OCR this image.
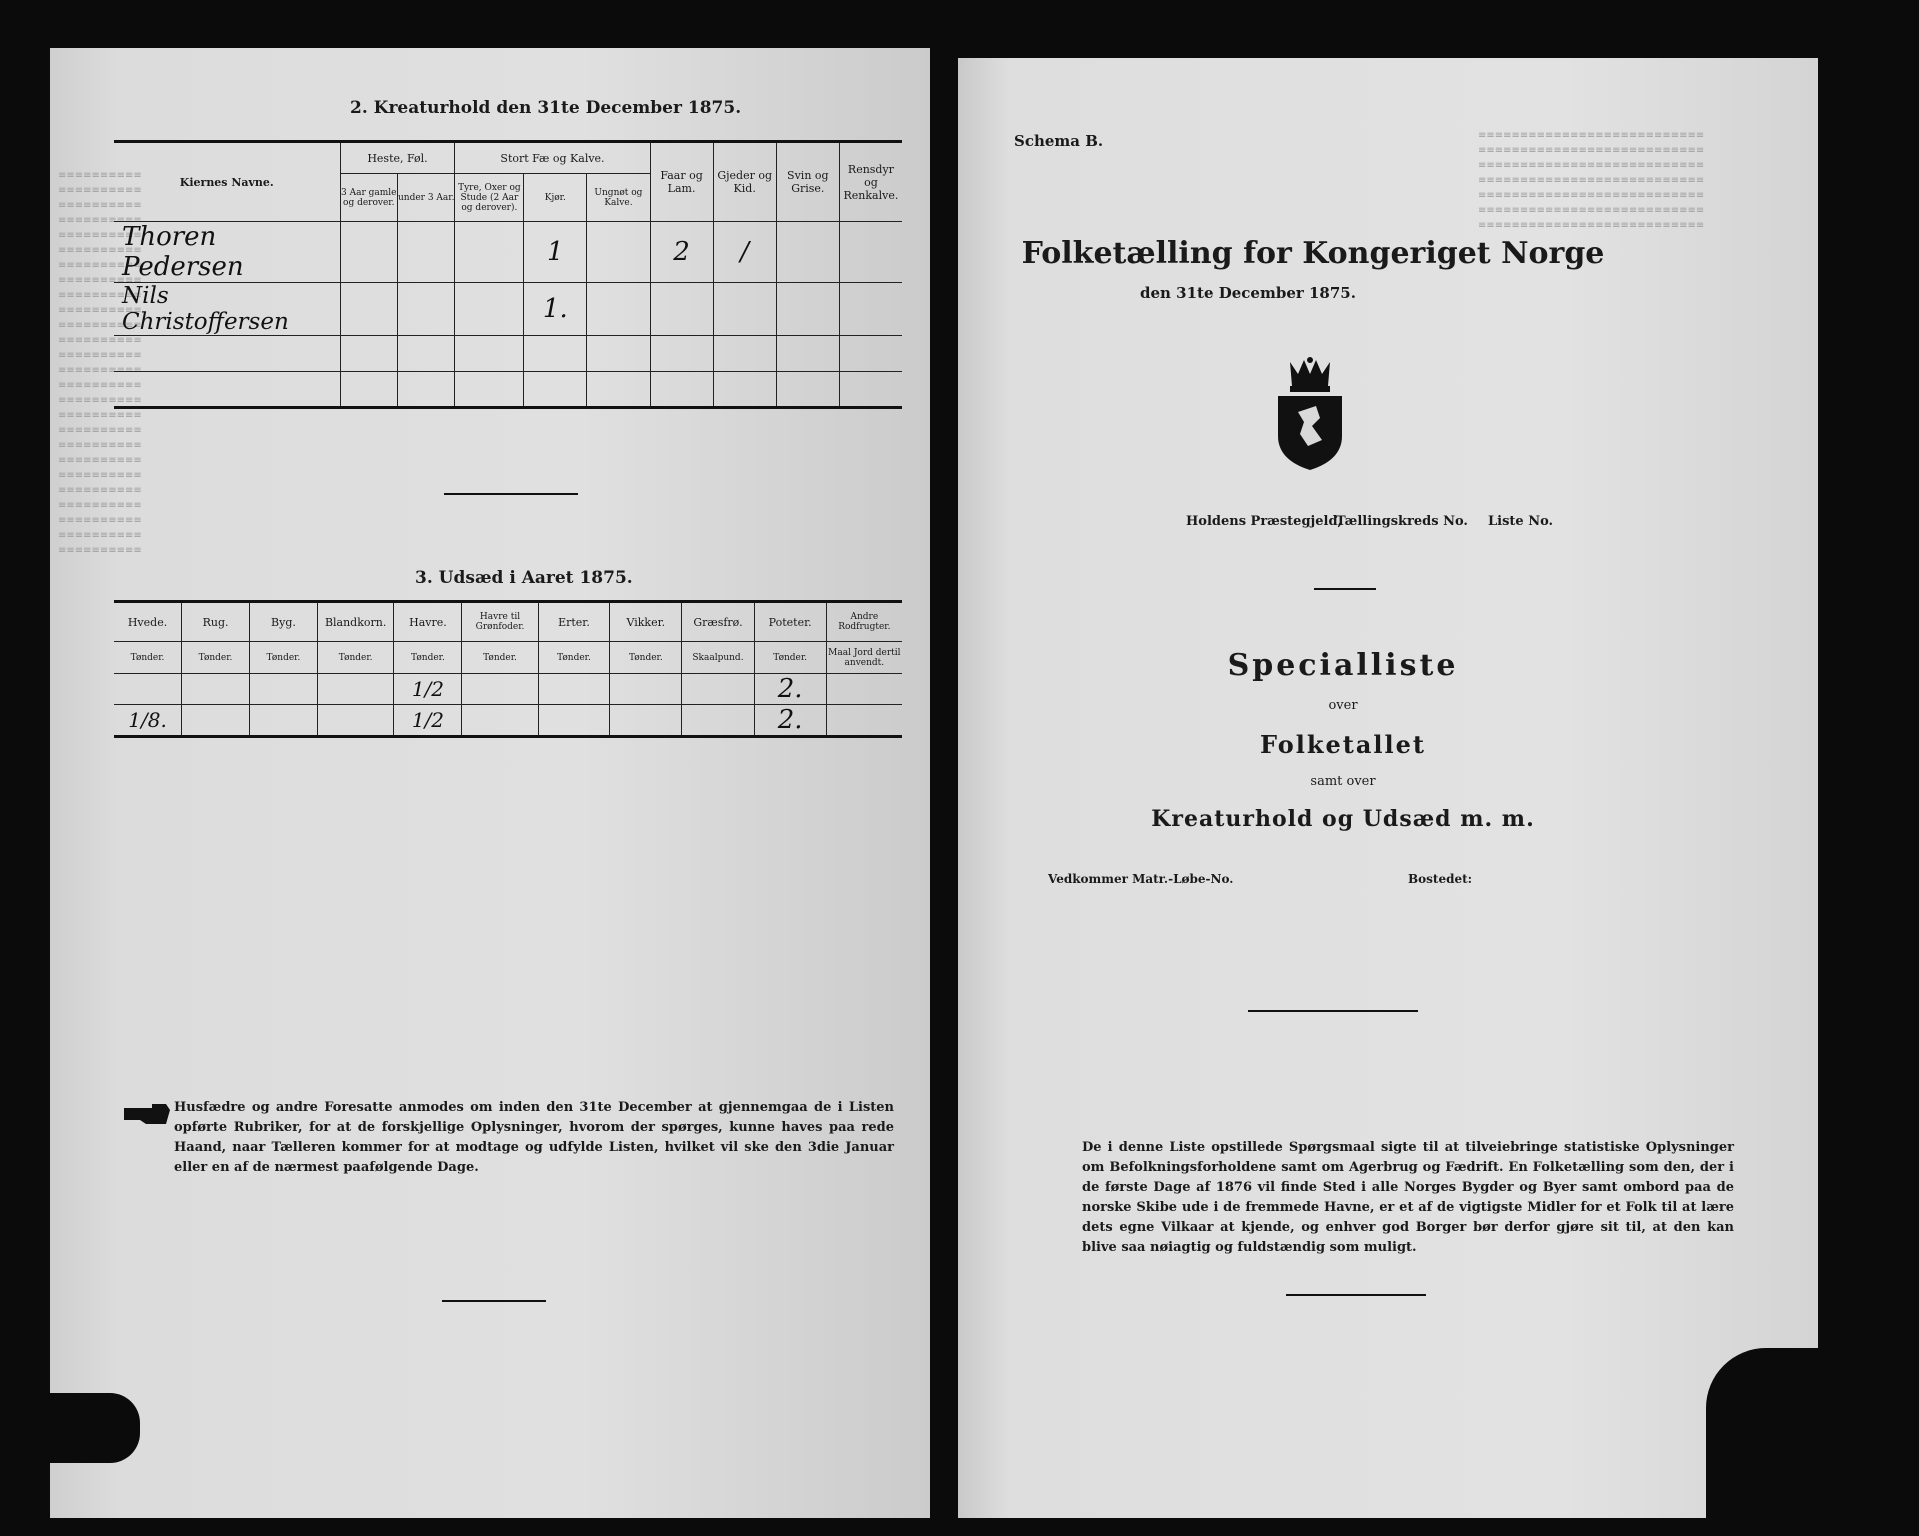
≡≡≡≡≡≡≡≡≡≡
≡≡≡≡≡≡≡≡≡≡
≡≡≡≡≡≡≡≡≡≡
≡≡≡≡≡≡≡≡≡≡
≡≡≡≡≡≡≡≡≡≡
≡≡≡≡≡≡≡≡≡≡
≡≡≡≡≡≡≡≡≡≡
≡≡≡≡≡≡≡≡≡≡
≡≡≡≡≡≡≡≡≡≡
≡≡≡≡≡≡≡≡≡≡
≡≡≡≡≡≡≡≡≡≡
≡≡≡≡≡≡≡≡≡≡
≡≡≡≡≡≡≡≡≡≡
≡≡≡≡≡≡≡≡≡≡
≡≡≡≡≡≡≡≡≡≡
≡≡≡≡≡≡≡≡≡≡
≡≡≡≡≡≡≡≡≡≡
≡≡≡≡≡≡≡≡≡≡
≡≡≡≡≡≡≡≡≡≡
≡≡≡≡≡≡≡≡≡≡
≡≡≡≡≡≡≡≡≡≡
≡≡≡≡≡≡≡≡≡≡
≡≡≡≡≡≡≡≡≡≡
≡≡≡≡≡≡≡≡≡≡
≡≡≡≡≡≡≡≡≡≡
≡≡≡≡≡≡≡≡≡≡
2. Kreaturhold den 31te December 1875.
Kiernes Navne.	Heste, Føl.		Stort Fæ og Kalve.			Faar og Lam.	Gjeder og Kid.	Svin og Grise.	Rensdyr og Renkalve.
	3 Aar gamle og derover.	under 3 Aar.	Tyre, Oxer og Stude (2 Aar og derover).	Kjør.	Ungnøt og Kalve.				
Thoren Pedersen				1		2	/		
Nils Christoffersen				1.					

3. Udsæd i Aaret 1875.
Hvede.	Rug.	Byg.	Blandkorn.	Havre.	Havre til Grønfoder.	Erter.	Vikker.	Græsfrø.	Poteter.	Andre Rodfrugter.
Tønder.	Tønder.	Tønder.	Tønder.	Tønder.	Tønder.	Tønder.	Tønder.	Skaalpund.	Tønder.	Maal Jord dertil anvendt.
				1/2					2.	
1/8.				1/2					2.	
Husfædre og andre Foresatte anmodes om inden den 31te December at gjennemgaa de i Listen opførte Rubriker, for at de forskjellige Oplysninger, hvorom der spørges, kunne haves paa rede Haand, naar Tælleren kommer for at modtage og udfylde Listen, hvilket vil ske den 3die Januar eller en af de nærmest paafølgende Dage.
≡≡≡≡≡≡≡≡≡≡≡≡≡≡≡≡≡≡≡≡≡≡≡≡≡≡≡
≡≡≡≡≡≡≡≡≡≡≡≡≡≡≡≡≡≡≡≡≡≡≡≡≡≡≡
≡≡≡≡≡≡≡≡≡≡≡≡≡≡≡≡≡≡≡≡≡≡≡≡≡≡≡
≡≡≡≡≡≡≡≡≡≡≡≡≡≡≡≡≡≡≡≡≡≡≡≡≡≡≡
≡≡≡≡≡≡≡≡≡≡≡≡≡≡≡≡≡≡≡≡≡≡≡≡≡≡≡
≡≡≡≡≡≡≡≡≡≡≡≡≡≡≡≡≡≡≡≡≡≡≡≡≡≡≡
≡≡≡≡≡≡≡≡≡≡≡≡≡≡≡≡≡≡≡≡≡≡≡≡≡≡≡
Schema B.
Folketælling for Kongeriget Norge
den 31te December 1875.
Holdens Præstegjeld,
Tællingskreds No. Liste No.
Specialliste
over
Folketallet
samt over
Kreaturhold og Udsæd m. m.
Vedkommer Matr.-Løbe-No.	Bostedet:
De i denne Liste opstillede Spørgsmaal sigte til at tilveiebringe statistiske Oplysninger om Befolkningsforholdene samt om Agerbrug og Fædrift. En Folketælling som den, der i de første Dage af 1876 vil finde Sted i alle Norges Bygder og Byer samt ombord paa de norske Skibe ude i de fremmede Havne, er et af de vigtigste Midler for et Folk til at lære dets egne Vilkaar at kjende, og enhver god Borger bør derfor gjøre sit til, at den kan blive saa nøiagtig og fuldstændig som muligt.
